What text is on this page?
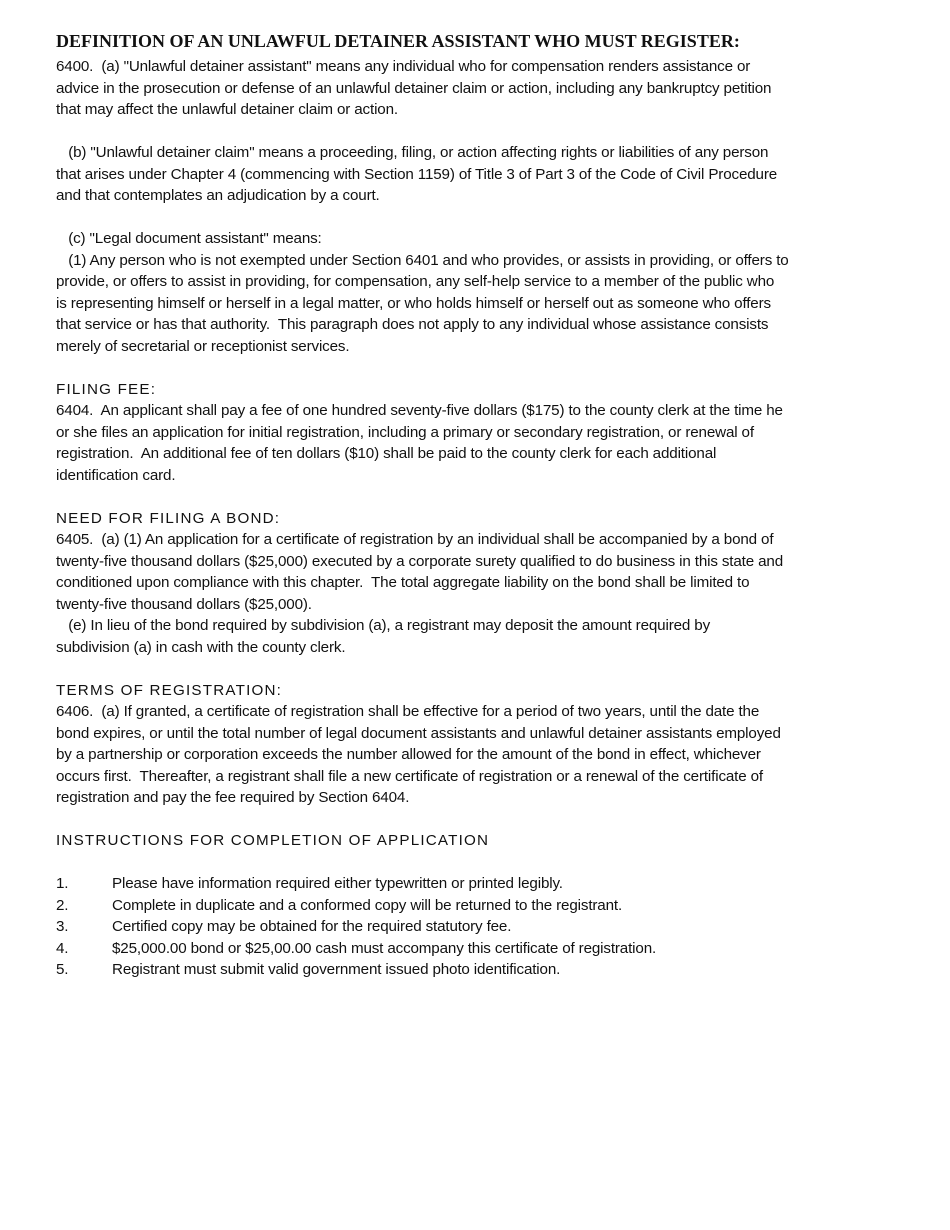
DEFINITION OF AN UNLAWFUL DETAINER ASSISTANT WHO MUST REGISTER:
6400.  (a) "Unlawful detainer assistant" means any individual who for compensation renders assistance or
advice in the prosecution or defense of an unlawful detainer claim or action, including any bankruptcy petition
that may affect the unlawful detainer claim or action.
(b) "Unlawful detainer claim" means a proceeding, filing, or action affecting rights or liabilities of any person
that arises under Chapter 4 (commencing with Section 1159) of Title 3 of Part 3 of the Code of Civil Procedure
and that contemplates an adjudication by a court.
(c) "Legal document assistant" means:
(1) Any person who is not exempted under Section 6401 and who provides, or assists in providing, or offers to
provide, or offers to assist in providing, for compensation, any self-help service to a member of the public who
is representing himself or herself in a legal matter, or who holds himself or herself out as someone who offers
that service or has that authority.  This paragraph does not apply to any individual whose assistance consists
merely of secretarial or receptionist services.
FILING FEE:
6404.  An applicant shall pay a fee of one hundred seventy-five dollars ($175) to the county clerk at the time he
or she files an application for initial registration, including a primary or secondary registration, or renewal of
registration.  An additional fee of ten dollars ($10) shall be paid to the county clerk for each additional
identification card.
NEED FOR FILING A BOND:
6405.  (a) (1) An application for a certificate of registration by an individual shall be accompanied by a bond of
twenty-five thousand dollars ($25,000) executed by a corporate surety qualified to do business in this state and
conditioned upon compliance with this chapter.  The total aggregate liability on the bond shall be limited to
twenty-five thousand dollars ($25,000).
(e) In lieu of the bond required by subdivision (a), a registrant may deposit the amount required by
subdivision (a) in cash with the county clerk.
TERMS OF REGISTRATION:
6406.  (a) If granted, a certificate of registration shall be effective for a period of two years, until the date the
bond expires, or until the total number of legal document assistants and unlawful detainer assistants employed
by a partnership or corporation exceeds the number allowed for the amount of the bond in effect, whichever
occurs first.  Thereafter, a registrant shall file a new certificate of registration or a renewal of the certificate of
registration and pay the fee required by Section 6404.
INSTRUCTIONS FOR COMPLETION OF APPLICATION
1.	Please have information required either typewritten or printed legibly.
2.	Complete in duplicate and a conformed copy will be returned to the registrant.
3.	Certified copy may be obtained for the required statutory fee.
4.	$25,000.00 bond or $25,00.00 cash must accompany this certificate of registration.
5.	Registrant must submit valid government issued photo identification.
